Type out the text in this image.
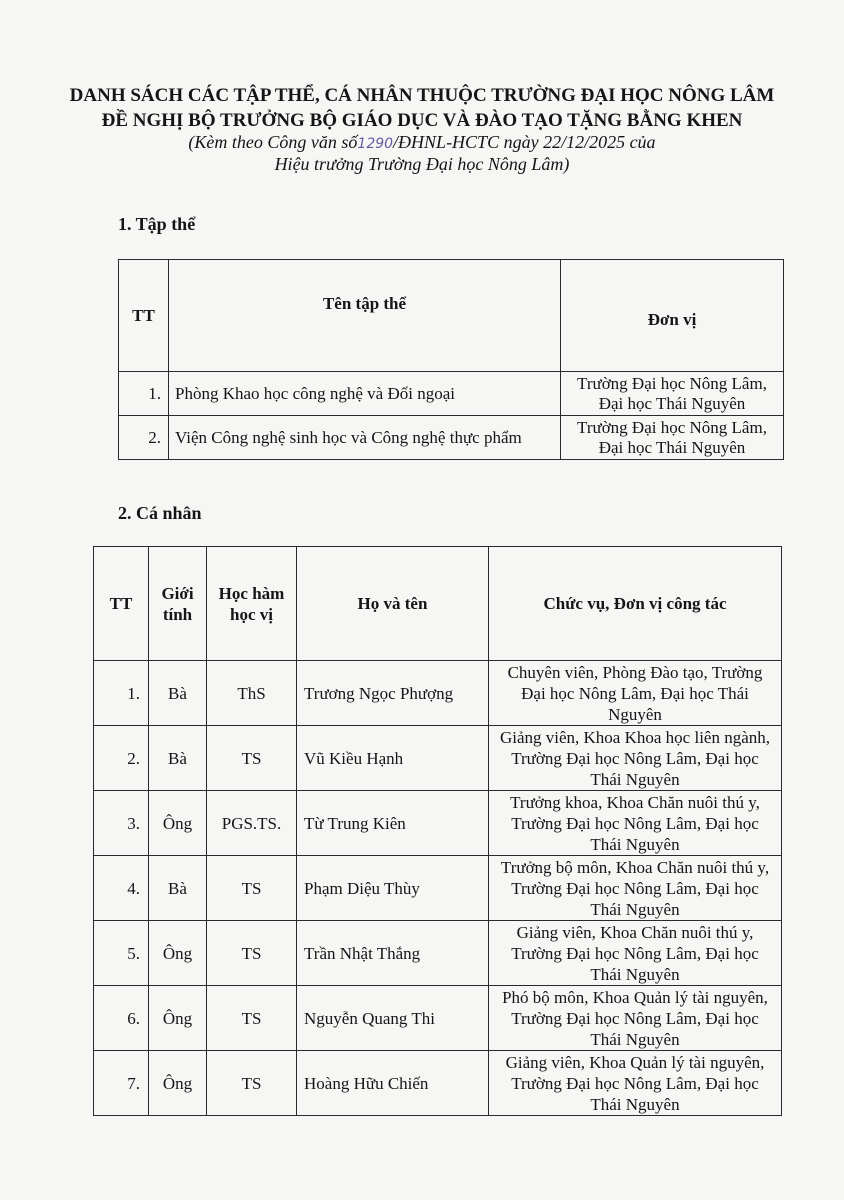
DANH SÁCH CÁC TẬP THỂ, CÁ NHÂN THUỘC TRƯỜNG ĐẠI HỌC NÔNG LÂM
ĐỀ NGHỊ BỘ TRƯỞNG BỘ GIÁO DỤC VÀ ĐÀO TẠO TẶNG BẰNG KHEN
(Kèm theo Công văn số1290/ĐHNL-HCTC ngày 22/12/2025 của
Hiệu trưởng Trường Đại học Nông Lâm)
1. Tập thể
TT	Tên tập thể	Đơn vị
1.	Phòng Khao học công nghệ và Đối ngoại	Trường Đại học Nông Lâm, Đại học Thái Nguyên
2.	Viện Công nghệ sinh học và Công nghệ thực phẩm	Trường Đại học Nông Lâm, Đại học Thái Nguyên
2. Cá nhân
TT	Giới tính	Học hàm học vị	Họ và tên	Chức vụ, Đơn vị công tác
1.	Bà	ThS	Trương Ngọc Phượng	Chuyên viên, Phòng Đào tạo, Trường Đại học Nông Lâm, Đại học Thái Nguyên
2.	Bà	TS	Vũ Kiều Hạnh	Giảng viên, Khoa Khoa học liên ngành, Trường Đại học Nông Lâm, Đại học Thái Nguyên
3.	Ông	PGS.TS.	Từ Trung Kiên	Trưởng khoa, Khoa Chăn nuôi thú y, Trường Đại học Nông Lâm, Đại học Thái Nguyên
4.	Bà	TS	Phạm Diệu Thùy	Trưởng bộ môn, Khoa Chăn nuôi thú y, Trường Đại học Nông Lâm, Đại học Thái Nguyên
5.	Ông	TS	Trần Nhật Thắng	Giảng viên, Khoa Chăn nuôi thú y, Trường Đại học Nông Lâm, Đại học Thái Nguyên
6.	Ông	TS	Nguyễn Quang Thi	Phó bộ môn, Khoa Quản lý tài nguyên, Trường Đại học Nông Lâm, Đại học Thái Nguyên
7.	Ông	TS	Hoàng Hữu Chiến	Giảng viên, Khoa Quản lý tài nguyên, Trường Đại học Nông Lâm, Đại học Thái Nguyên
